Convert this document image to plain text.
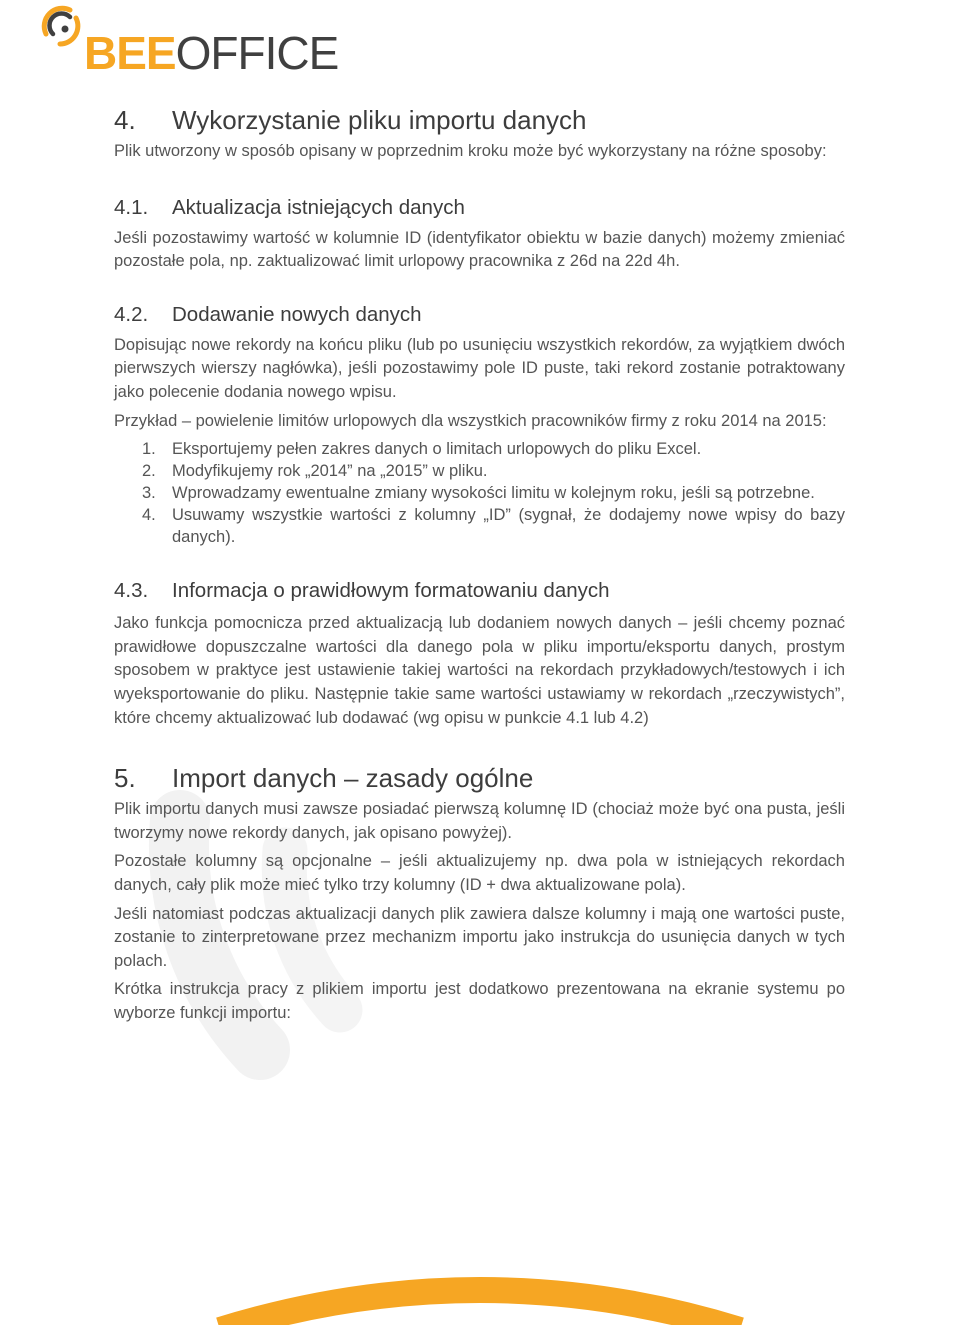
BEEOFFICE
4.	Wykorzystanie pliku importu danych

Plik utworzony w sposób opisany w poprzednim kroku może być wykorzystany na różne sposoby:

4.1.	Aktualizacja istniejących danych

Jeśli pozostawimy wartość w kolumnie ID (identyfikator obiektu w bazie danych) możemy zmieniać pozostałe pola, np. zaktualizować limit urlopowy pracownika z 26d na 22d 4h.

4.2.	Dodawanie nowych danych

Dopisując nowe rekordy na końcu pliku (lub po usunięciu wszystkich rekordów, za wyjątkiem dwóch pierwszych wierszy nagłówka), jeśli pozostawimy pole ID puste, taki rekord zostanie potraktowany jako polecenie dodania nowego wpisu.

Przykład – powielenie limitów urlopowych dla wszystkich pracowników firmy z roku 2014 na 2015:

1. Eksportujemy pełen zakres danych o limitach urlopowych do pliku Excel.
2. Modyfikujemy rok „2014” na „2015” w pliku.
3. Wprowadzamy ewentualne zmiany wysokości limitu w kolejnym roku, jeśli są potrzebne.
4. Usuwamy wszystkie wartości z kolumny „ID” (sygnał, że dodajemy nowe wpisy do bazy danych).
4.3.	Informacja o prawidłowym formatowaniu danych

Jako funkcja pomocnicza przed aktualizacją lub dodaniem nowych danych – jeśli chcemy poznać prawidłowe dopuszczalne wartości dla danego pola w pliku importu/eksportu danych, prostym sposobem w praktyce jest ustawienie takiej wartości na rekordach przykładowych/testowych i ich wyeksportowanie do pliku. Następnie takie same wartości ustawiamy w rekordach „rzeczywistych”, które chcemy aktualizować lub dodawać (wg opisu w punkcie 4.1 lub 4.2)

5.	Import danych – zasady ogólne

Plik importu danych musi zawsze posiadać pierwszą kolumnę ID (chociaż może być ona pusta, jeśli tworzymy nowe rekordy danych, jak opisano powyżej).

Pozostałe kolumny są opcjonalne – jeśli aktualizujemy np. dwa pola w istniejących rekordach danych, cały plik może mieć tylko trzy kolumny (ID + dwa aktualizowane pola).

Jeśli natomiast podczas aktualizacji danych plik zawiera dalsze kolumny i mają one wartości puste, zostanie to zinterpretowane przez mechanizm importu jako instrukcja do usunięcia danych w tych polach.

Krótka instrukcja pracy z plikiem importu jest dodatkowo prezentowana na ekranie systemu po wyborze funkcji importu:
